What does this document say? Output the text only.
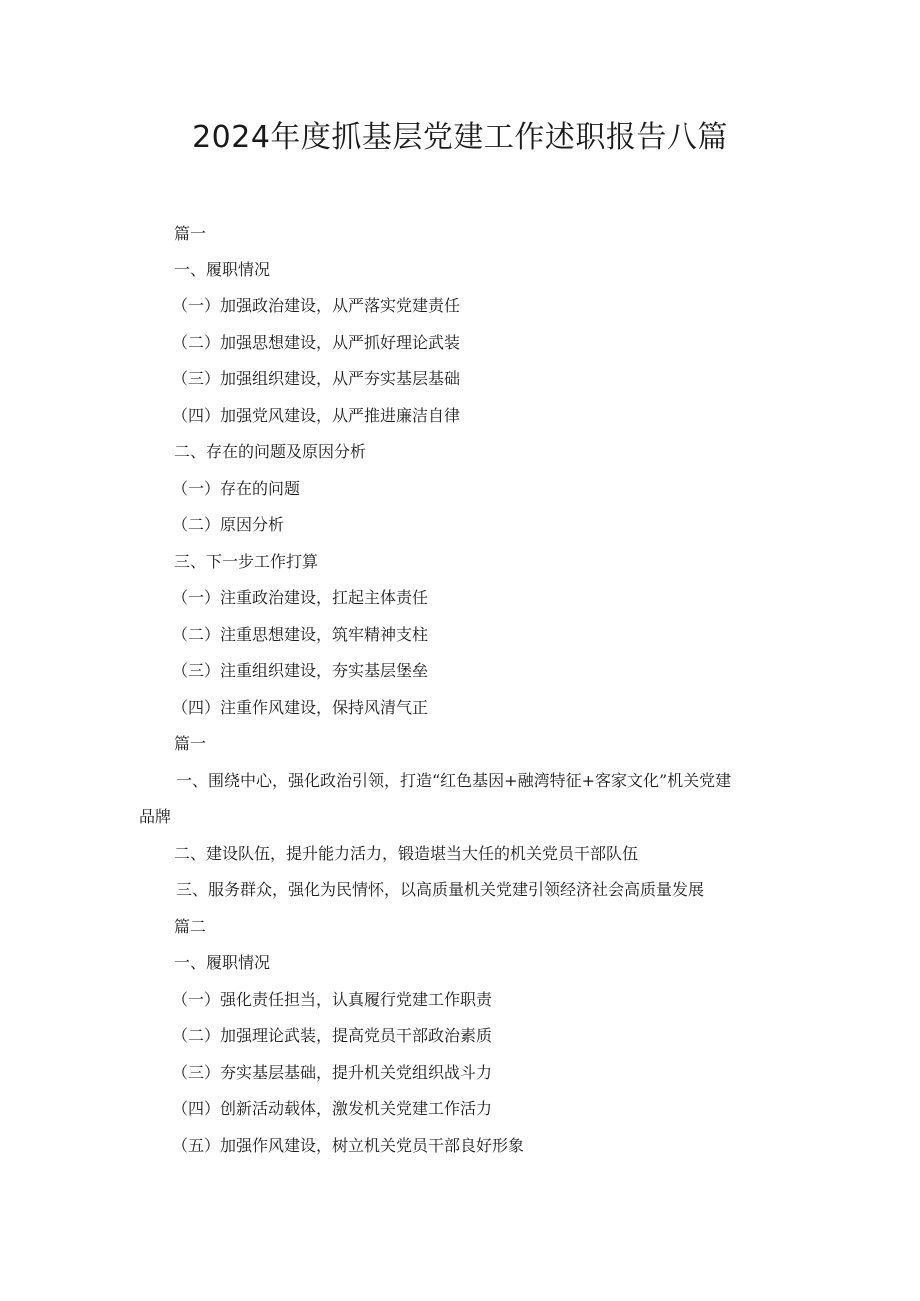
2024年度抓基层党建工作述职报告八篇
篇一
一、履职情况
（一）加强政治建设，从严落实党建责任
（二）加强思想建设，从严抓好理论武装
（三）加强组织建设，从严夯实基层基础
（四）加强党风建设，从严推进廉洁自律
二、存在的问题及原因分析
（一）存在的问题
（二）原因分析
三、下一步工作打算
（一）注重政治建设，扛起主体责任
（二）注重思想建设，筑牢精神支柱
（三）注重组织建设，夯实基层堡垒
（四）注重作风建设，保持风清气正
篇一
一、围绕中心，强化政治引领，打造“红色基因+融湾特征+客家文化”机关党建
品牌
二、建设队伍，提升能力活力，锻造堪当大任的机关党员干部队伍
三、服务群众，强化为民情怀，以高质量机关党建引领经济社会高质量发展
篇二
一、履职情况
（一）强化责任担当，认真履行党建工作职责
（二）加强理论武装，提高党员干部政治素质
（三）夯实基层基础，提升机关党组织战斗力
（四）创新活动载体，激发机关党建工作活力
（五）加强作风建设，树立机关党员干部良好形象
